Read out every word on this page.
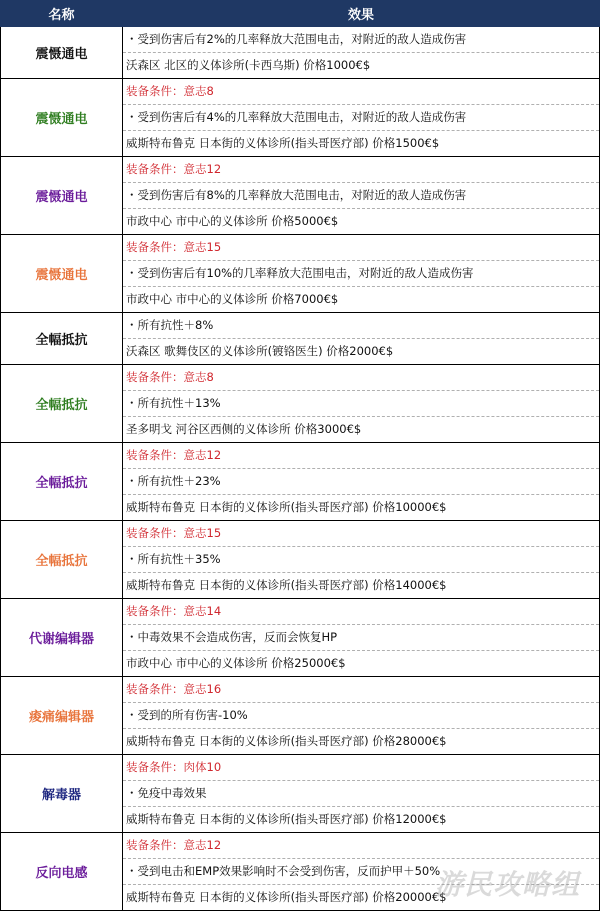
名称	效果
震慑通电	・受到伤害后有2%的几率释放大范围电击，对附近的敌人造成伤害
沃森区 北区的义体诊所(卡西乌斯) 价格1000€$

震慑通电	装备条件：意志8
・受到伤害后有4%的几率释放大范围电击，对附近的敌人造成伤害
威斯特布鲁克 日本街的义体诊所(指头哥医疗部) 价格1500€$

震慑通电	装备条件：意志12
・受到伤害后有8%的几率释放大范围电击，对附近的敌人造成伤害
市政中心 市中心的义体诊所 价格5000€$

震慑通电	装备条件：意志15
・受到伤害后有10%的几率释放大范围电击，对附近的敌人造成伤害
市政中心 市中心的义体诊所 价格7000€$

全幅抵抗	・所有抗性＋8%
沃森区 歌舞伎区的义体诊所(镀铬医生) 价格2000€$

全幅抵抗	装备条件：意志8
・所有抗性＋13%
圣多明戈 河谷区西侧的义体诊所 价格3000€$

全幅抵抗	装备条件：意志12
・所有抗性＋23%
威斯特布鲁克 日本街的义体诊所(指头哥医疗部) 价格10000€$

全幅抵抗	装备条件：意志15
・所有抗性＋35%
威斯特布鲁克 日本街的义体诊所(指头哥医疗部) 价格14000€$

代谢编辑器	装备条件：意志14
・中毒效果不会造成伤害，反而会恢复HP
市政中心 市中心的义体诊所 价格25000€$

痠痛编辑器	装备条件：意志16
・受到的所有伤害-10%
威斯特布鲁克 日本街的义体诊所(指头哥医疗部) 价格28000€$

解毒器	装备条件：肉体10
・免疫中毒效果
威斯特布鲁克 日本街的义体诊所(指头哥医疗部) 价格12000€$

反向电感	装备条件：意志12
・受到电击和EMP效果影响时不会受到伤害，反而护甲＋50%
威斯特布鲁克 日本街的义体诊所(指头哥医疗部) 价格20000€$
游民攻略组
